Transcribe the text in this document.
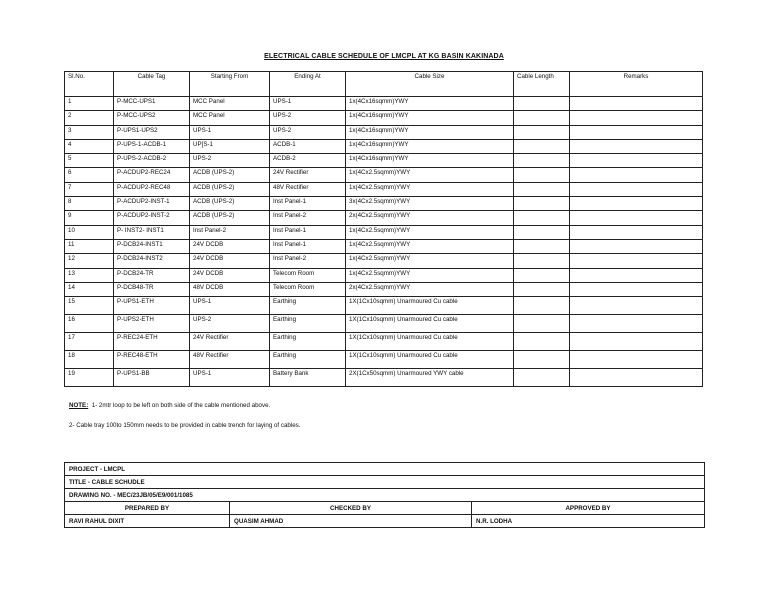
ELECTRICAL CABLE SCHEDULE OF LMCPL AT KG BASIN KAKINADA
Sl.No.	Cable Tag	Starting From	Ending At	Cable Size	Cable Length	Remarks
1	P-MCC-UPS1	MCC Panel	UPS-1	1x(4Cx16sqmm)YWY		
2	P-MCC-UPS2	MCC Panel	UPS-2	1x(4Cx16sqmm)YWY		
3	P-UPS1-UPS2	UPS-1	UPS-2	1x(4Cx16sqmm)YWY		
4	P-UPS-1-ACDB-1	UP[S-1	ACDB-1	1x(4Cx16sqmm)YWY		
5	P-UPS-2-ACDB-2	UPS-2	ACDB-2	1x(4Cx16sqmm)YWY		
6	P-ACDUP2-REC24	ACDB (UPS-2)	24V Rectifier	1x(4Cx2.5sqmm)YWY		
7	P-ACDUP2-REC48	ACDB (UPS-2)	48V Rectifier	1x(4Cx2.5sqmm)YWY		
8	P-ACDUP2-INST-1	ACDB (UPS-2)	Inst Panel-1	3x(4Cx2.5sqmm)YWY		
9	P-ACDUP2-INST-2	ACDB (UPS-2)	Inst Panel-2	2x(4Cx2.5sqmm)YWY		
10	P- INST2- INST1	Inst Panel-2	Inst Panel-1	1x(4Cx2.5sqmm)YWY		
11	P-DCB24-INST1	24V DCDB	Inst Panel-1	1x(4Cx2.5sqmm)YWY		
12	P-DCB24-INST2	24V DCDB	Inst Panel-2	1x(4Cx2.5sqmm)YWY		
13	P-DCB24-TR	24V DCDB	Telecom Room	1x(4Cx2.5sqmm)YWY		
14	P-DCB48-TR	48V DCDB	Telecom Room	2x(4Cx2.5sqmm)YWY		
15	P-UPS1-ETH	UPS-1	Earthing	1X(1Cx10sqmm) Unarmoured Cu cable		
16	P-UPS2-ETH	UPS-2	Earthing	1X(1Cx10sqmm) Unarmoured Cu cable		
17	P-REC24-ETH	24V Rectifier	Earthing	1X(1Cx10sqmm) Unarmoured Cu cable		
18	P-REC48-ETH	48V Rectifier	Earthing	1X(1Cx10sqmm) Unarmoured Cu cable		
19	P-UPS1-BB	UPS-1	Battery Bank	2X(1Cx50sqmm) Unarmoured YWY cable		
NOTE: 1- 2mtr loop to be left on both side of the cable mentioned above.
2- Cable tray 100to 150mm needs to be provided in cable trench for laying of cables.
PROJECT - LMCPL		
TITLE - CABLE SCHUDLE		
DRAWING NO. - MEC/23JB/05/E9/001/1085		
PREPARED BY	CHECKED BY	APPROVED BY
RAVI RAHUL DIXIT	QUASIM AHMAD	N.R. LODHA
